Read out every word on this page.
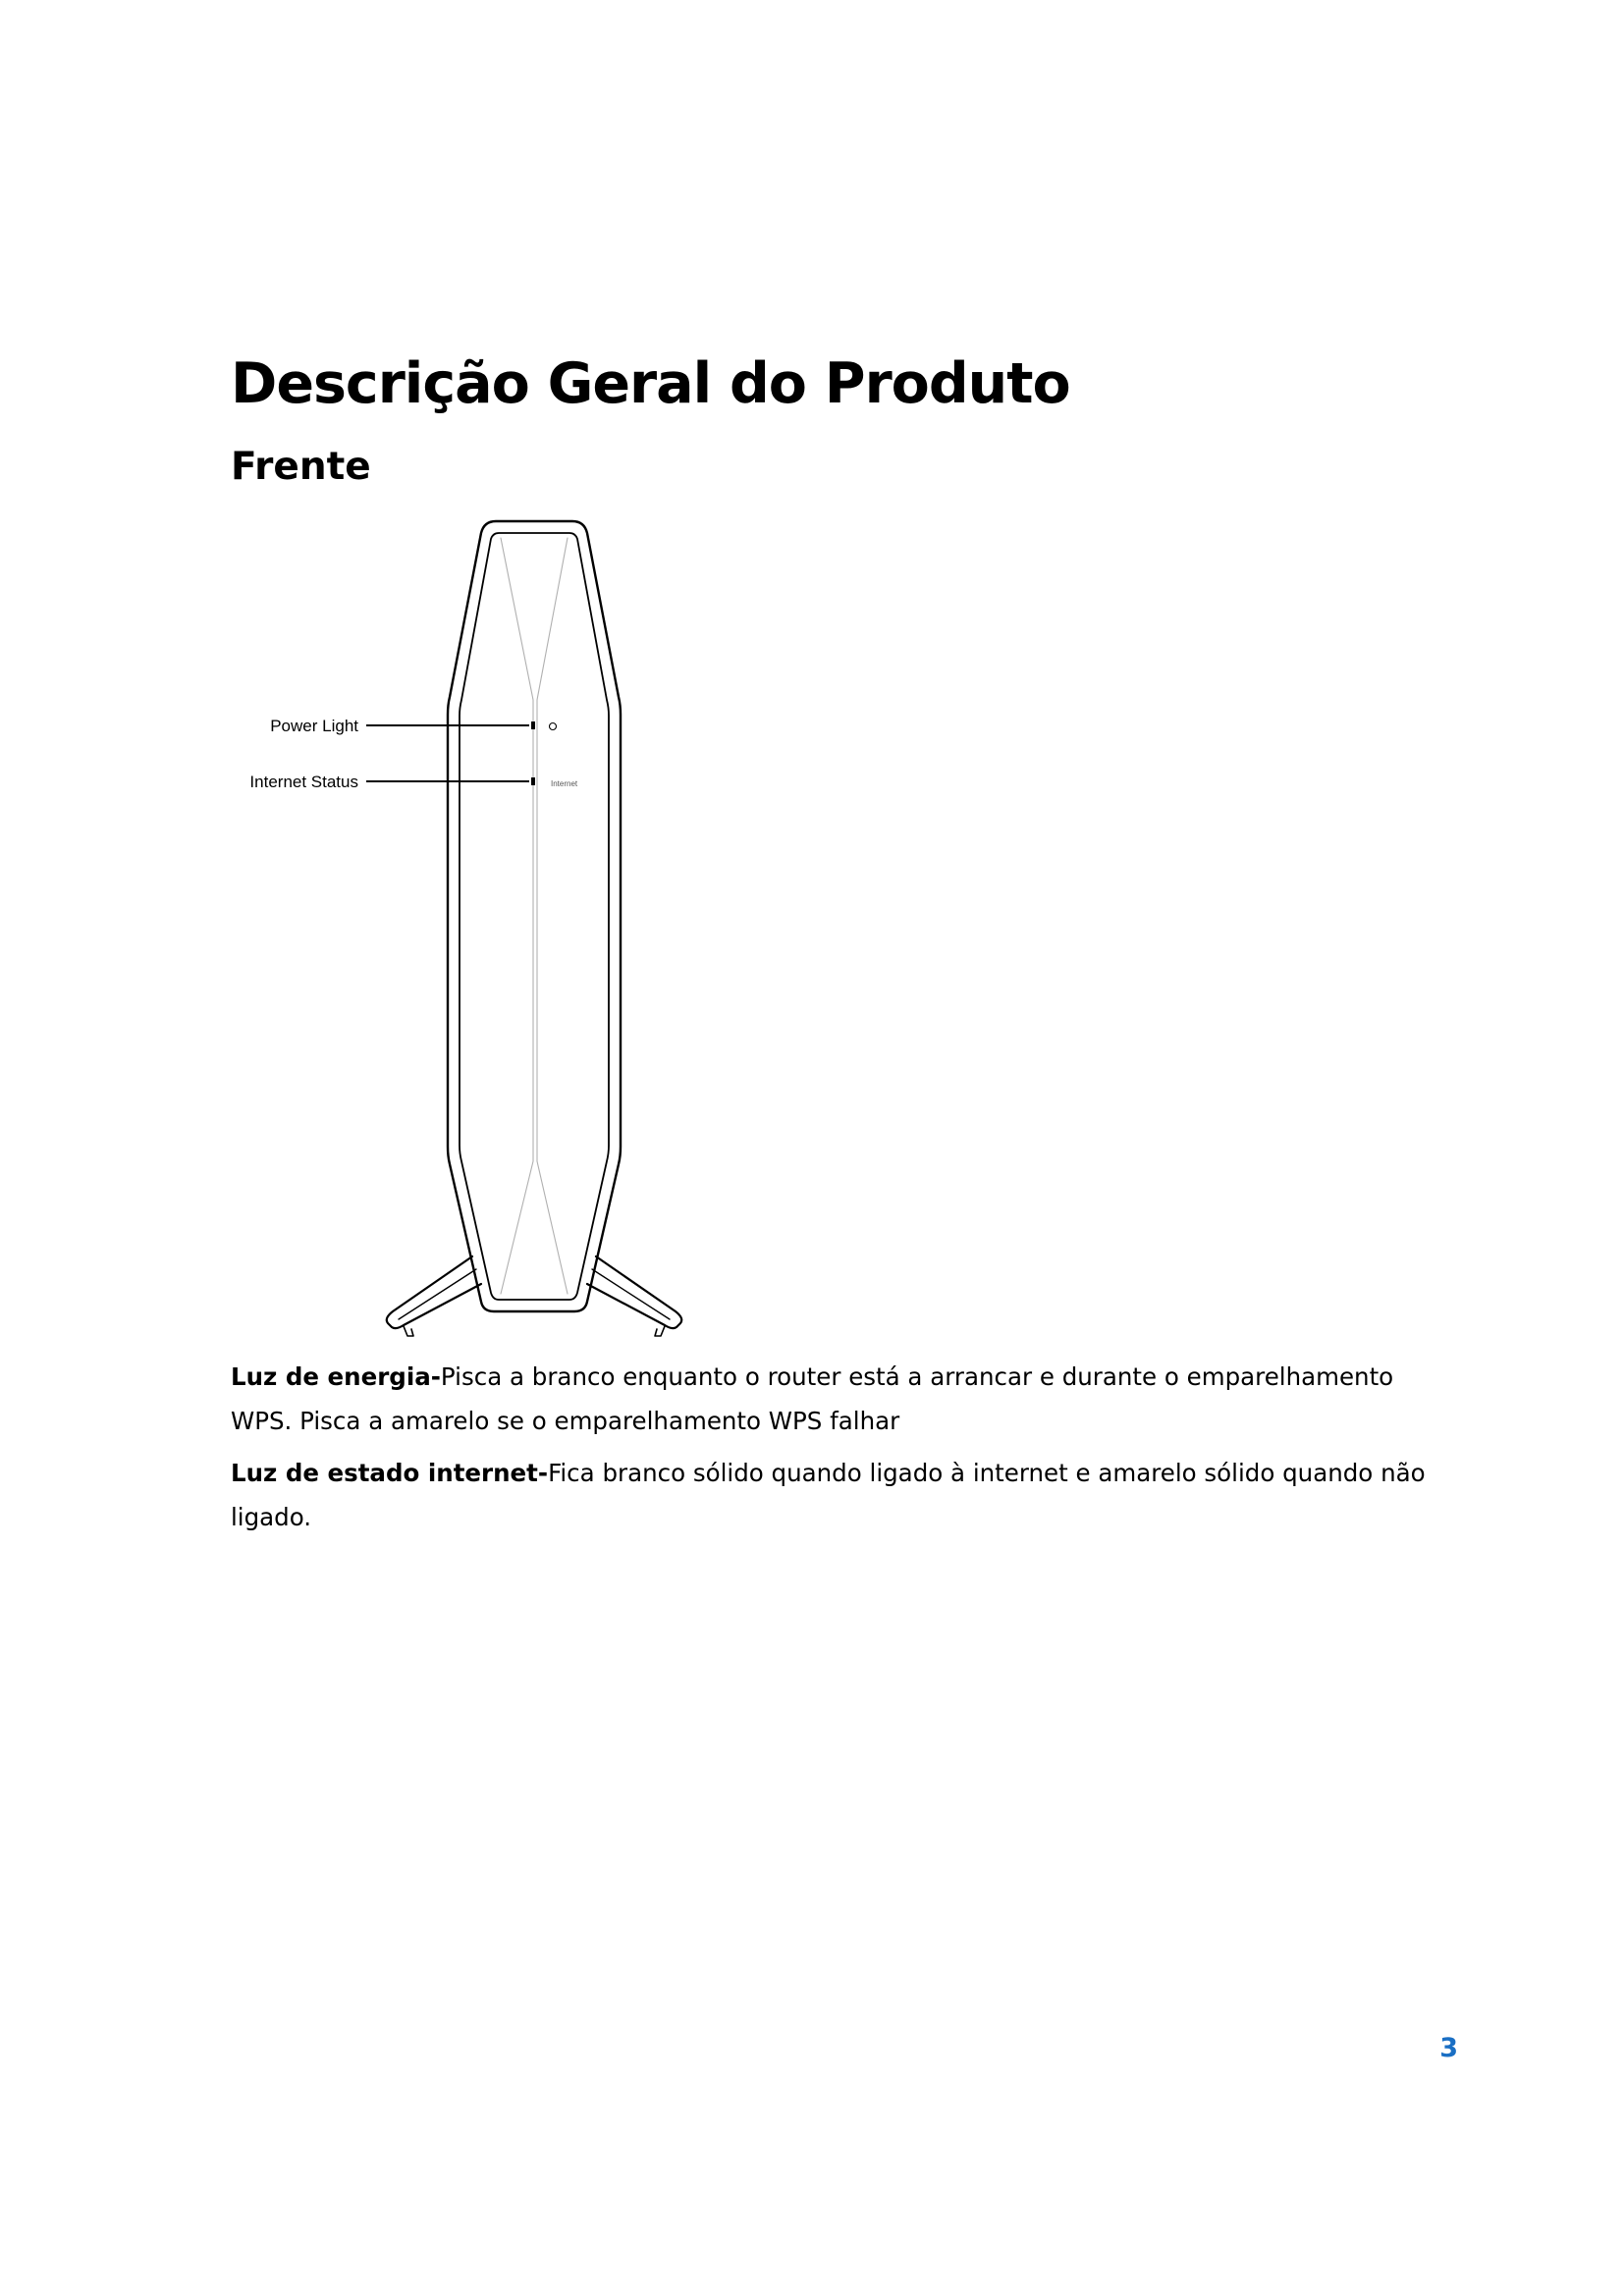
Descrição Geral do Produto
Frente
Power Light
Internet Status	Internet

Luz de energia-Pisca a branco enquanto o router está a arrancar e durante o emparelhamento WPS. Pisca a amarelo se o emparelhamento WPS falhar

Luz de estado internet-Fica branco sólido quando ligado à internet e amarelo sólido quando não ligado.

3
